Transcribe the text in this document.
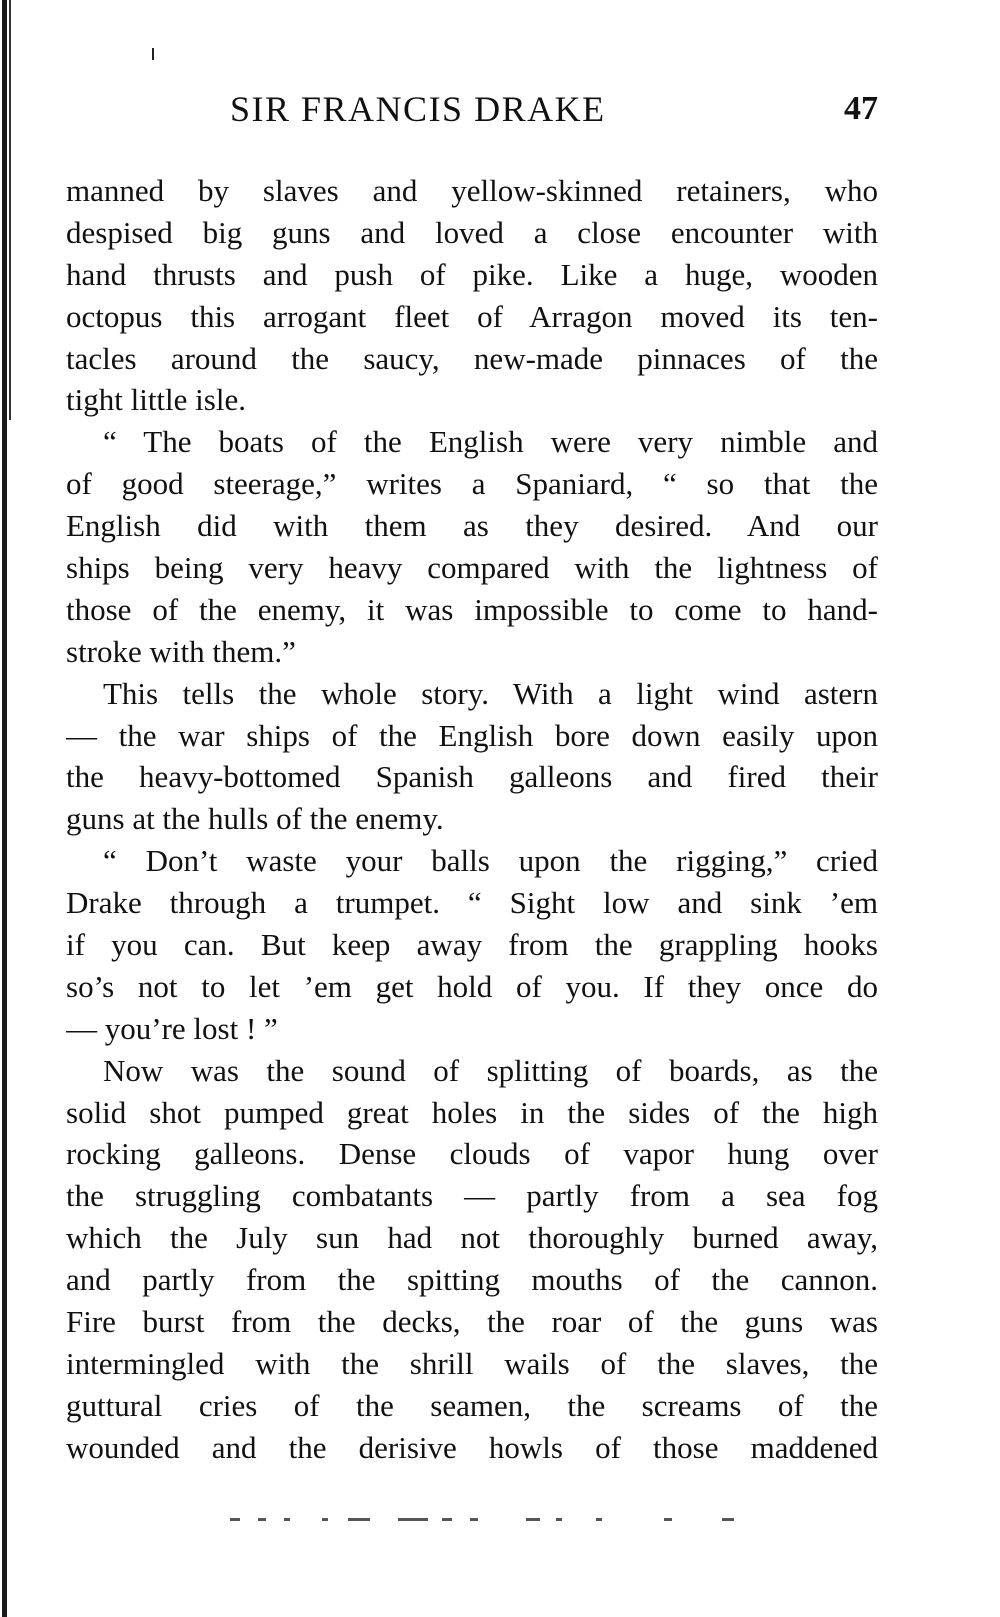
SIR FRANCIS DRAKE	47
manned by slaves and yellow-skinned retainers, who
despised big guns and loved a close encounter with
hand thrusts and push of pike. Like a huge, wooden
octopus this arrogant fleet of Arragon moved its ten-
tacles around the saucy, new-made pinnaces of the
tight little isle.
“ The boats of the English were very nimble and
of good steerage,” writes a Spaniard, “ so that the
English did with them as they desired. And our
ships being very heavy compared with the lightness of
those of the enemy, it was impossible to come to hand-
stroke with them.”
This tells the whole story. With a light wind astern
— the war ships of the English bore down easily upon
the heavy-bottomed Spanish galleons and fired their
guns at the hulls of the enemy.
“ Don’t waste your balls upon the rigging,” cried
Drake through a trumpet. “ Sight low and sink ’em
if you can. But keep away from the grappling hooks
so’s not to let ’em get hold of you. If they once do
— you’re lost ! ”
Now was the sound of splitting of boards, as the
solid shot pumped great holes in the sides of the high
rocking galleons. Dense clouds of vapor hung over
the struggling combatants — partly from a sea fog
which the July sun had not thoroughly burned away,
and partly from the spitting mouths of the cannon.
Fire burst from the decks, the roar of the guns was
intermingled with the shrill wails of the slaves, the
guttural cries of the seamen, the screams of the
wounded and the derisive howls of those maddened
